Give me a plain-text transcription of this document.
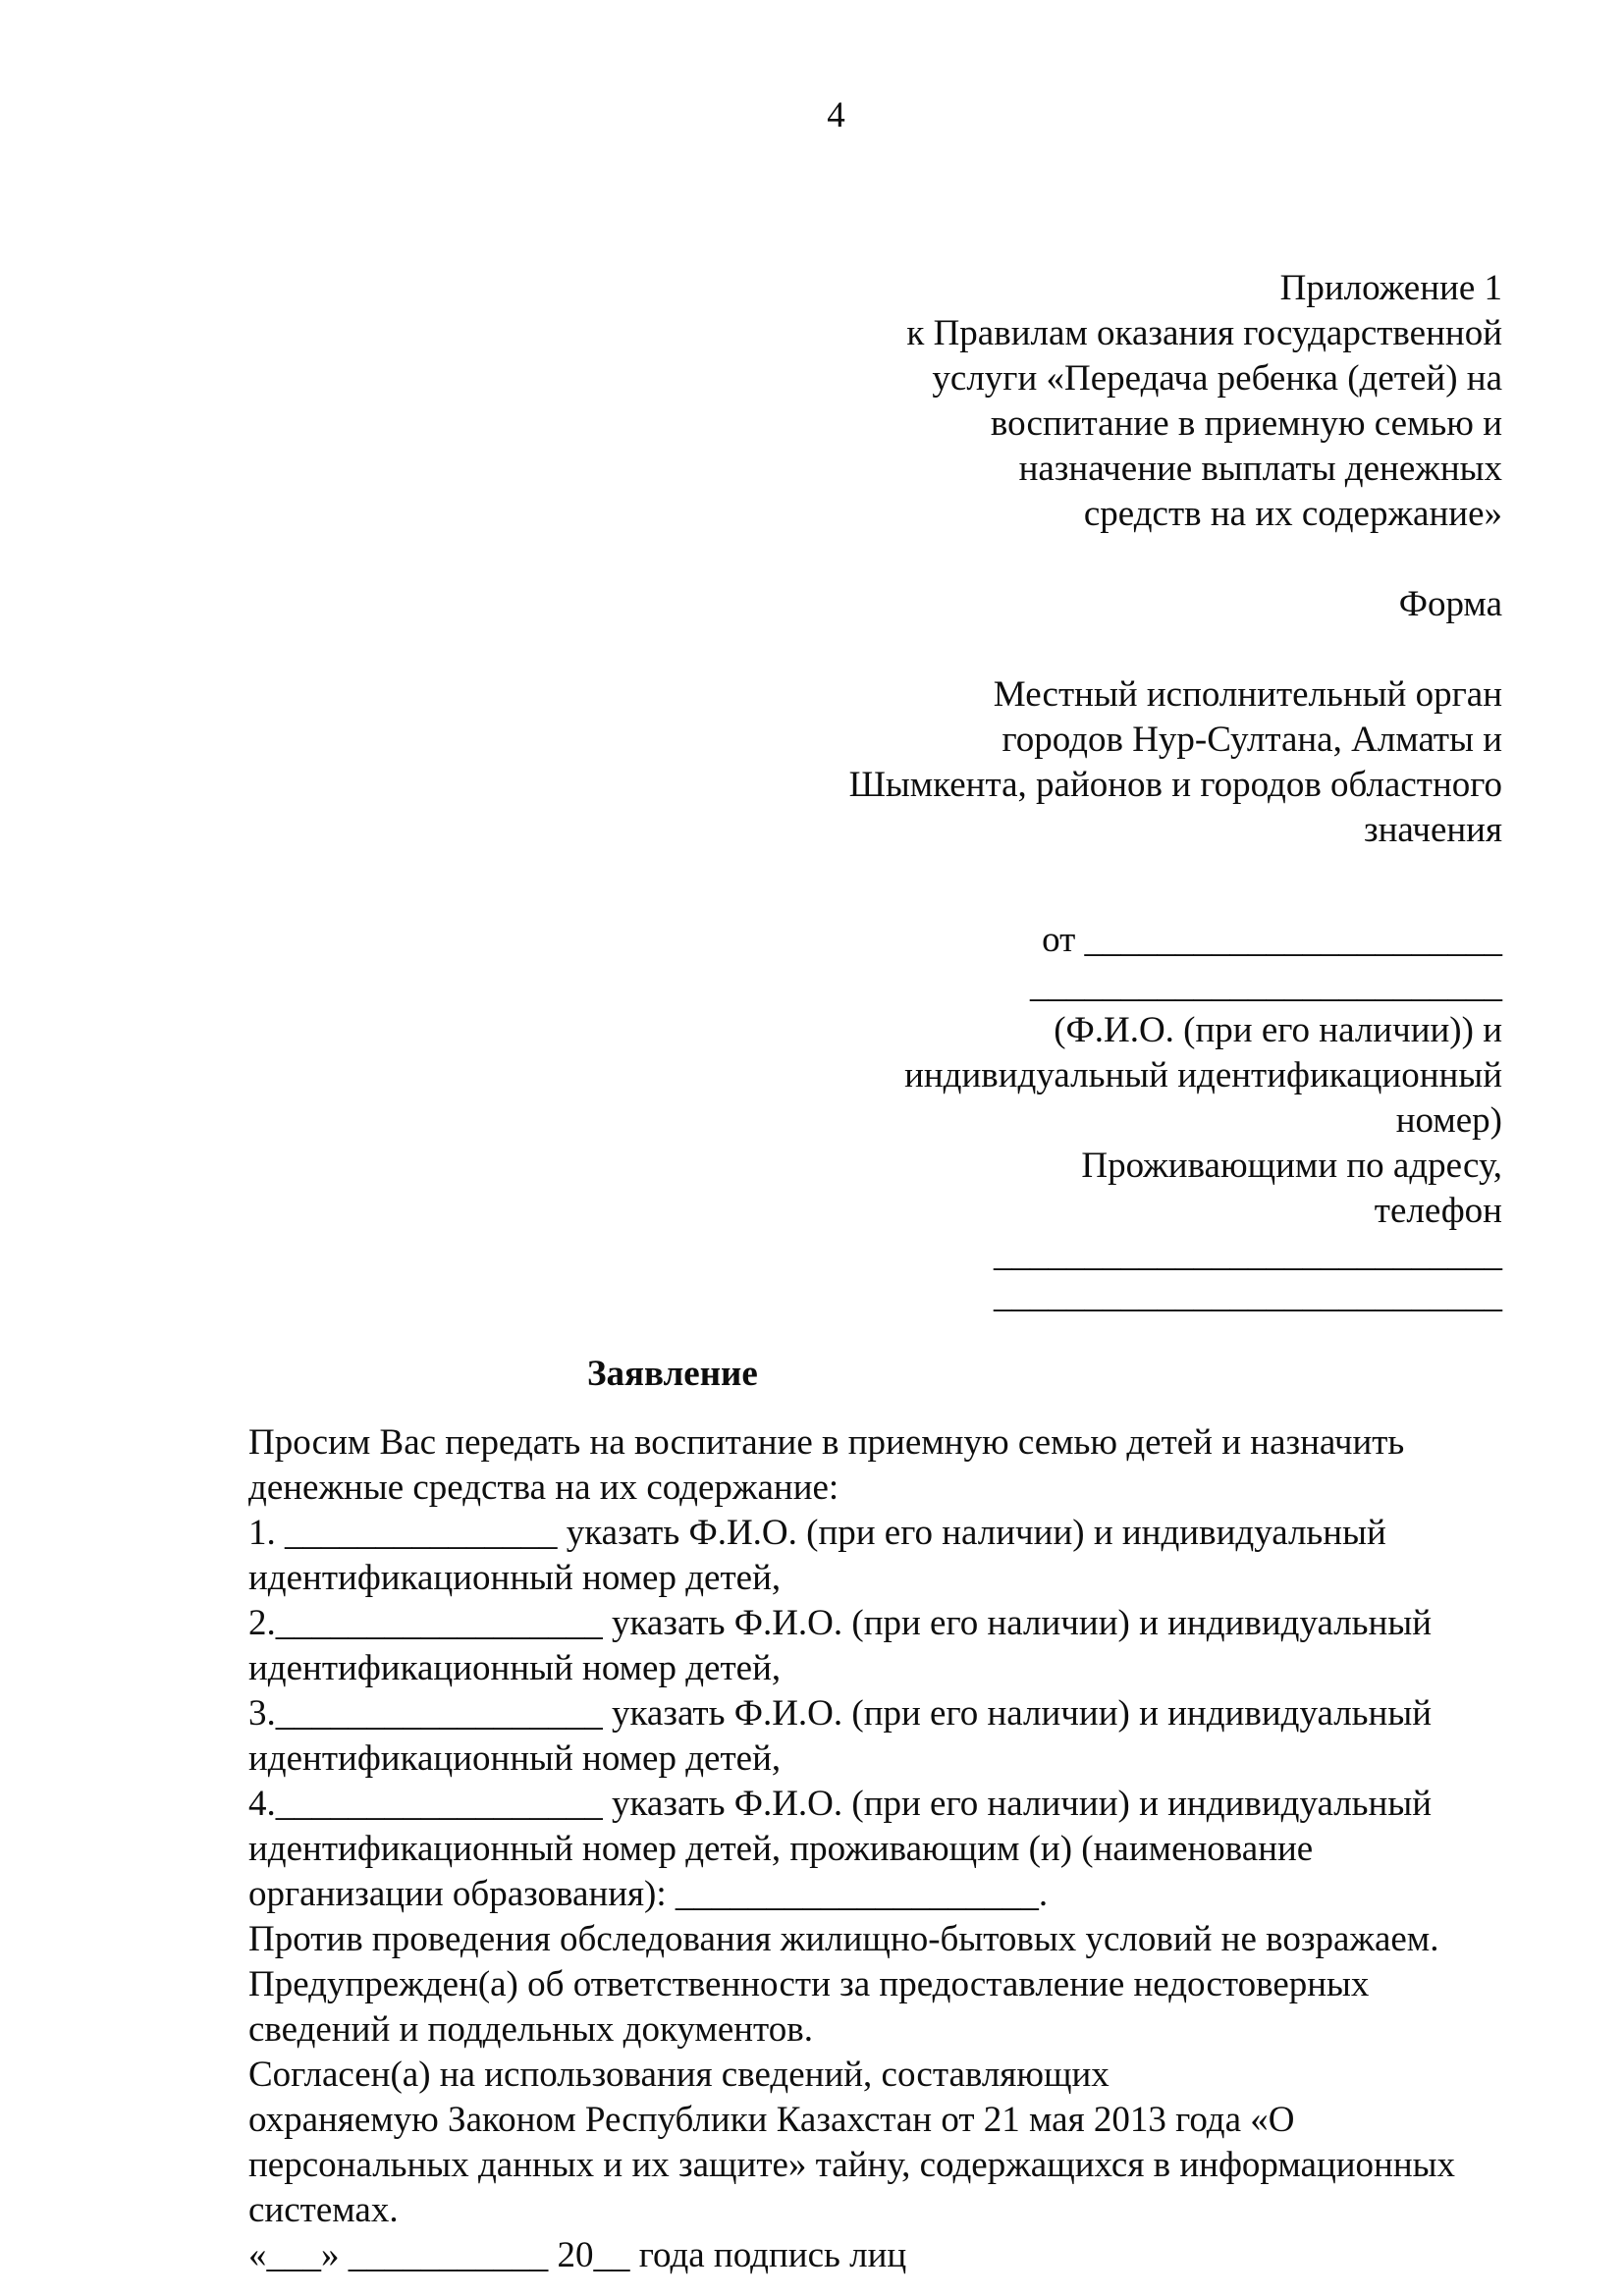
4
Приложение 1
к Правилам оказания государственной
услуги «Передача ребенка (детей) на
воспитание в приемную семью и
назначение выплаты денежных
средств на их содержание»
Форма
Местный исполнительный орган
городов Нур-Султана, Алматы и
Шымкента, районов и городов областного
значения
от _______________________
__________________________
(Ф.И.О. (при его наличии)) и
индивидуальный идентификационный
номер)
Проживающими по адресу,
телефон
____________________________
____________________________
Заявление
Просим Вас передать на воспитание в приемную семью детей и назначить
денежные средства на их содержание:
1. _______________ указать Ф.И.О. (при его наличии) и индивидуальный
идентификационный номер детей,
2.__________________ указать Ф.И.О. (при его наличии) и индивидуальный
идентификационный номер детей,
3.__________________ указать Ф.И.О. (при его наличии) и индивидуальный
идентификационный номер детей,
4.__________________ указать Ф.И.О. (при его наличии) и индивидуальный
идентификационный номер детей, проживающим (и) (наименование
организации образования): ____________________.
Против проведения обследования жилищно-бытовых условий не возражаем.
Предупрежден(а) об ответственности за предоставление недостоверных
сведений и поддельных документов.
Согласен(а) на использования сведений, составляющих
охраняемую Законом Республики Казахстан от 21 мая 2013 года «О
персональных данных и их защите» тайну, содержащихся в информационных
системах.
«___» ___________ 20__ года подпись лиц
